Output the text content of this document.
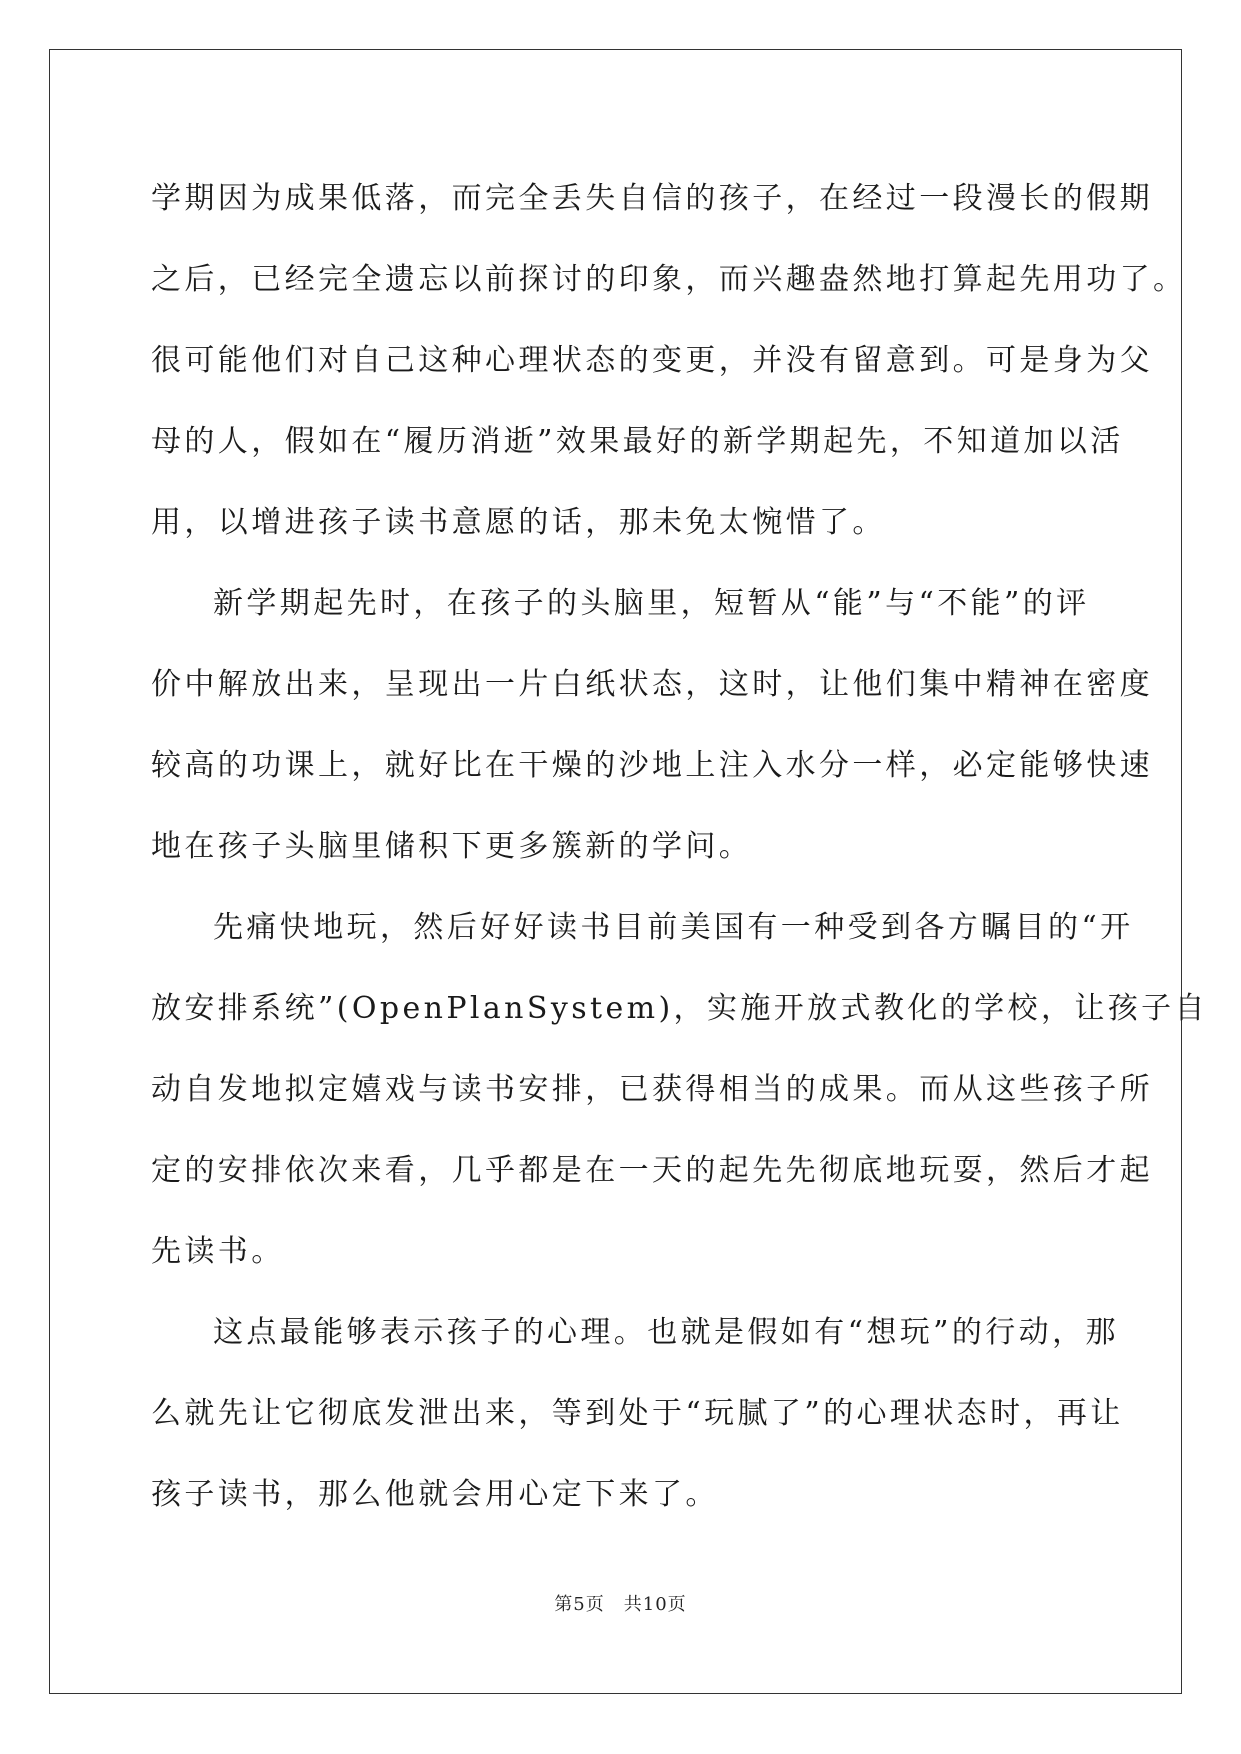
学期因为成果低落，而完全丢失自信的孩子，在经过一段漫长的假期
之后，已经完全遗忘以前探讨的印象，而兴趣盎然地打算起先用功了。
很可能他们对自己这种心理状态的变更，并没有留意到。可是身为父
母的人，假如在“履历消逝”效果最好的新学期起先，不知道加以活
用，以增进孩子读书意愿的话，那未免太惋惜了。

新学期起先时，在孩子的头脑里，短暂从“能”与“不能”的评
价中解放出来，呈现出一片白纸状态，这时，让他们集中精神在密度
较高的功课上，就好比在干燥的沙地上注入水分一样，必定能够快速
地在孩子头脑里储积下更多簇新的学问。

先痛快地玩，然后好好读书目前美国有一种受到各方瞩目的“开
放安排系统”(OpenPlanSystem)，实施开放式教化的学校，让孩子自
动自发地拟定嬉戏与读书安排，已获得相当的成果。而从这些孩子所
定的安排依次来看，几乎都是在一天的起先先彻底地玩耍，然后才起
先读书。

这点最能够表示孩子的心理。也就是假如有“想玩”的行动，那
么就先让它彻底发泄出来，等到处于“玩腻了”的心理状态时，再让
孩子读书，那么他就会用心定下来了。

第5页　共10页
